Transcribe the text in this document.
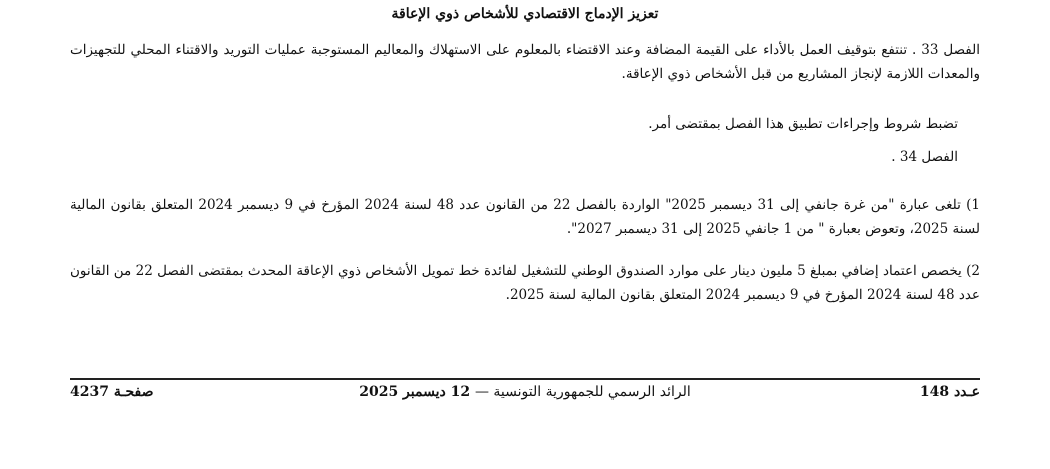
تعزيز الإدماج الاقتصادي للأشخاص ذوي الإعاقة
الفصل 33 . تنتفع بتوقيف العمل بالأداء على القيمة المضافة وعند الاقتضاء بالمعلوم على الاستهلاك والمعاليم المستوجبة عمليات التوريد والاقتناء المحلي للتجهيزات والمعدات اللازمة لإنجاز المشاريع من قبل الأشخاص ذوي الإعاقة.
تضبط شروط وإجراءات تطبيق هذا الفصل بمقتضى أمر.
الفصل 34 .
1) تلغى عبارة "من غرة جانفي إلى 31 ديسمبر 2025" الواردة بالفصل 22 من القانون عدد 48 لسنة 2024 المؤرخ في 9 ديسمبر 2024 المتعلق بقانون المالية لسنة 2025، وتعوض بعبارة " من 1 جانفي 2025 إلى 31 ديسمبر 2027".
2) يخصص اعتماد إضافي بمبلغ 5 مليون دينار على موارد الصندوق الوطني للتشغيل لفائدة خط تمويل الأشخاص ذوي الإعاقة المحدث بمقتضى الفصل 22 من القانون عدد 48 لسنة 2024 المؤرخ في 9 ديسمبر 2024 المتعلق بقانون المالية لسنة 2025.
عـدد 148
الرائد الرسمي للجمهورية التونسية — 12 ديسمبر 2025
صفحـة 4237
